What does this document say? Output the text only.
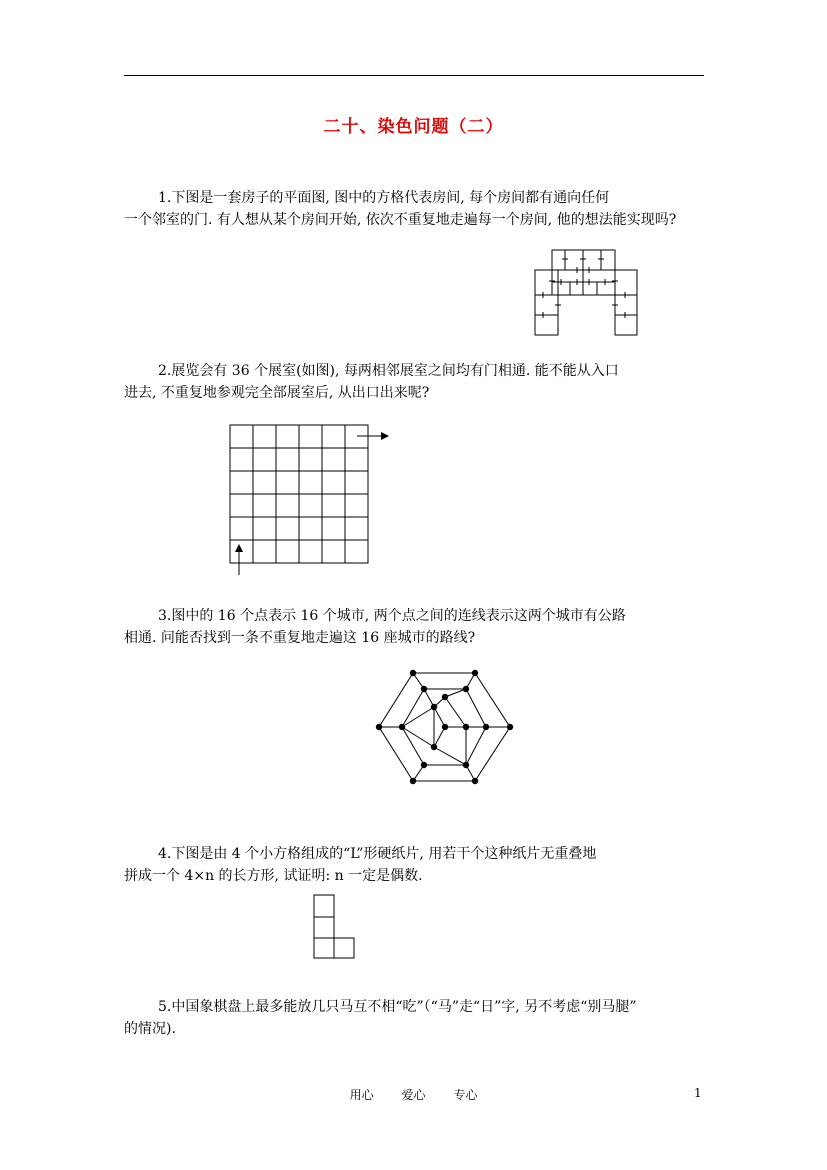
二十、染色问题（二）
1.下图是一套房子的平面图, 图中的方格代表房间, 每个房间都有通向任何
一个邻室的门. 有人想从某个房间开始, 依次不重复地走遍每一个房间, 他的想法能实现吗?
2.展览会有 36 个展室(如图), 每两相邻展室之间均有门相通. 能不能从入口
进去, 不重复地参观完全部展室后, 从出口出来呢?
3.图中的 16 个点表示 16 个城市, 两个点之间的连线表示这两个城市有公路
相通. 问能否找到一条不重复地走遍这 16 座城市的路线?
4.下图是由 4 个小方格组成的“L”形硬纸片, 用若干个这种纸片无重叠地
拼成一个 4×n 的长方形, 试证明: n 一定是偶数.
5.中国象棋盘上最多能放几只马互不相“吃”（“马”走“日”字, 另不考虑“别马腿”
的情况).
用心 爱心 专心	1
